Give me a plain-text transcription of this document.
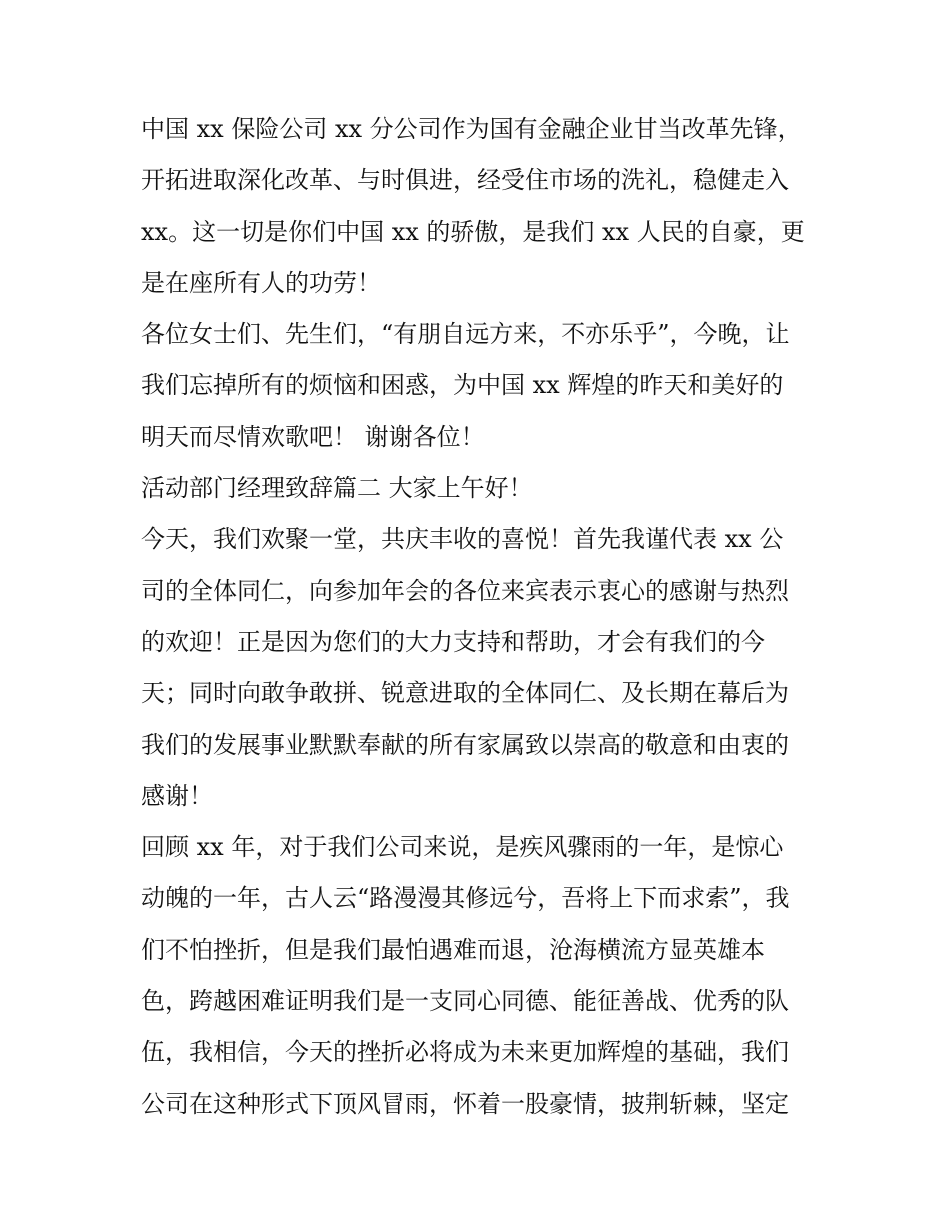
中国 xx 保险公司 xx 分公司作为国有金融企业甘当改革先锋，
开拓进取深化改革、与时俱进，经受住市场的洗礼，稳健走入
xx。这一切是你们中国 xx 的骄傲，是我们 xx 人民的自豪，更
是在座所有人的功劳！
各位女士们、先生们，“有朋自远方来，不亦乐乎”，今晚，让
我们忘掉所有的烦恼和困惑，为中国 xx 辉煌的昨天和美好的
明天而尽情欢歌吧！ 谢谢各位！
活动部门经理致辞篇二 大家上午好！
今天，我们欢聚一堂，共庆丰收的喜悦！首先我谨代表 xx 公
司的全体同仁，向参加年会的各位来宾表示衷心的感谢与热烈
的欢迎！正是因为您们的大力支持和帮助，才会有我们的今
天；同时向敢争敢拼、锐意进取的全体同仁、及长期在幕后为
我们的发展事业默默奉献的所有家属致以崇高的敬意和由衷的
感谢！
回顾 xx 年，对于我们公司来说，是疾风骤雨的一年，是惊心
动魄的一年，古人云“路漫漫其修远兮，吾将上下而求索”，我
们不怕挫折，但是我们最怕遇难而退，沧海横流方显英雄本
色，跨越困难证明我们是一支同心同德、能征善战、优秀的队
伍，我相信，今天的挫折必将成为未来更加辉煌的基础，我们
公司在这种形式下顶风冒雨，怀着一股豪情，披荆斩棘，坚定
